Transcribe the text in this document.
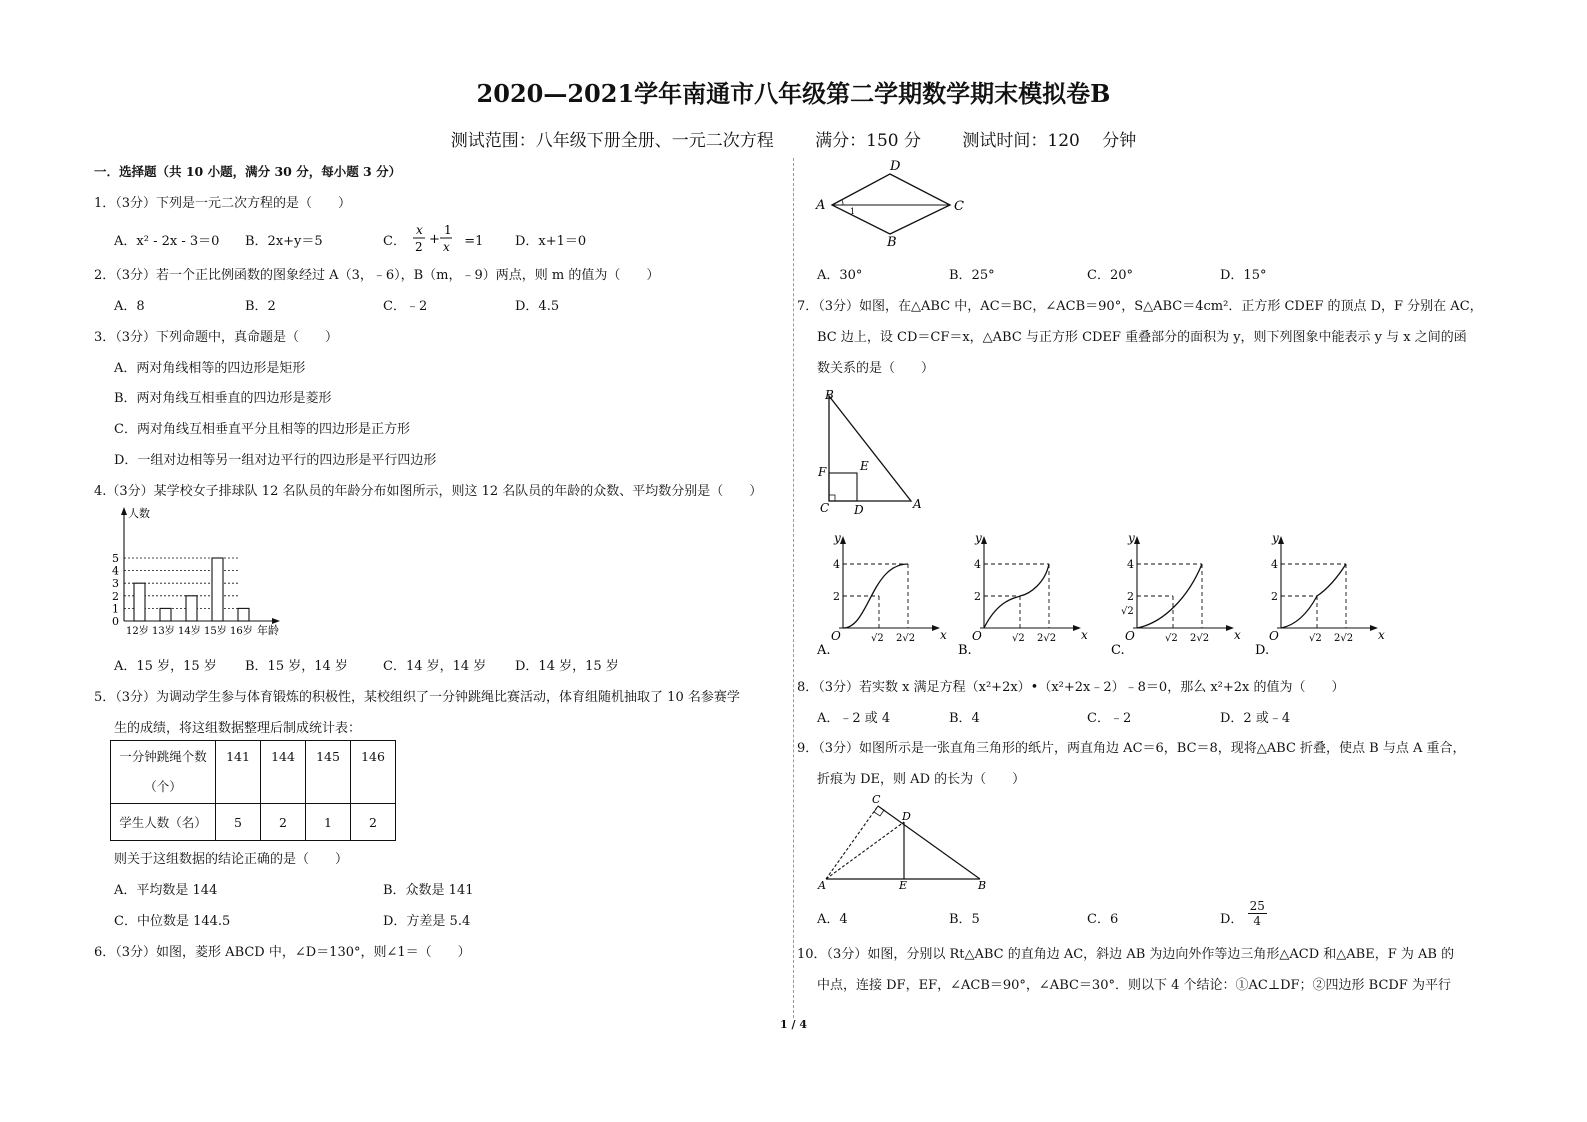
2020—2021学年南通市八年级第二学期数学期末模拟卷B
测试范围：八年级下册全册、一元二次方程 满分：150 分 测试时间：120　 分钟
一．选择题（共 10 小题，满分 30 分，每小题 3 分）
1．（3分）下列是一元二次方程的是（　　）
A．x² - 2x - 3＝0 B．2x+y＝5	C．
x
2 +
1
x =1	D．x+1＝0
2．（3分）若一个正比例函数的图象经过 A（3，﹣6），B（m，﹣9）两点，则 m 的值为（　　）
A．8	B．2	C．﹣2	D．4.5
3．（3分）下列命题中，真命题是（　　）
A．两对角线相等的四边形是矩形
B．两对角线互相垂直的四边形是菱形
C．两对角线互相垂直平分且相等的四边形是正方形
D．一组对边相等另一组对边平行的四边形是平行四边形
4.（3分）某学校女子排球队 12 名队员的年龄分布如图所示，则这 12 名队员的年龄的众数、平均数分别是（　　）
人数
年龄
0
1
2
3
4
5
12岁 13岁 14岁 15岁 16岁
A．15 岁，15 岁 B．15 岁，14 岁	C．14 岁，14 岁 D．14 岁，15 岁
5．（3分）为调动学生参与体育锻炼的积极性，某校组织了一分钟跳绳比赛活动，体育组随机抽取了 10 名参赛学
生的成绩，将这组数据整理后制成统计表：
一分钟跳绳个数（个）	141	144	145	146
学生人数（名）	5	2	1	2
则关于这组数据的结论正确的是（　　）
A．平均数是 144	B．众数是 141
C．中位数是 144.5	D．方差是 5.4
6．（3分）如图，菱形 ABCD 中，∠D＝130°，则∠1＝（　　）
D
A	C
B
1
A．30°	B．25°	C．20°	D．15°
7．（3分）如图，在△ABC 中，AC＝BC，∠ACB＝90°，S△ABC＝4cm²．正方形 CDEF 的顶点 D，F 分别在 AC，
BC 边上，设 CD＝CF＝x，△ABC 与正方形 CDEF 重叠部分的面积为 y，则下列图象中能表示 y 与 x 之间的函
数关系的是（　　）
B
F	E
C D	A
y
x
O
4
2
√2 2√2
A.
y
x
O
4
2
√2 2√2
B.
y
x
O
4
2
√2
√2 2√2
C.
y
x
O
4
2
√2 2√2
D.
8．（3分）若实数 x 满足方程（x²+2x）•（x²+2x﹣2）﹣8＝0，那么 x²+2x 的值为（　　）
A．﹣2 或 4	B．4	C．﹣2	D．2 或﹣4
9．（3分）如图所示是一张直角三角形的纸片，两直角边 AC＝6，BC＝8，现将△ABC 折叠，使点 B 与点 A 重合，
折痕为 DE，则 AD 的长为（　　）
C
D
A	E	B
A．4	B．5	C．6	D． $\frac{25}{4}$
10．（3分）如图，分别以 Rt△ABC 的直角边 AC，斜边 AB 为边向外作等边三角形△ACD 和△ABE，F 为 AB 的
中点，连接 DF，EF，∠ACB＝90°，∠ABC＝30°．则以下 4 个结论：①AC⊥DF；②四边形 BCDF 为平行
1 / 4
